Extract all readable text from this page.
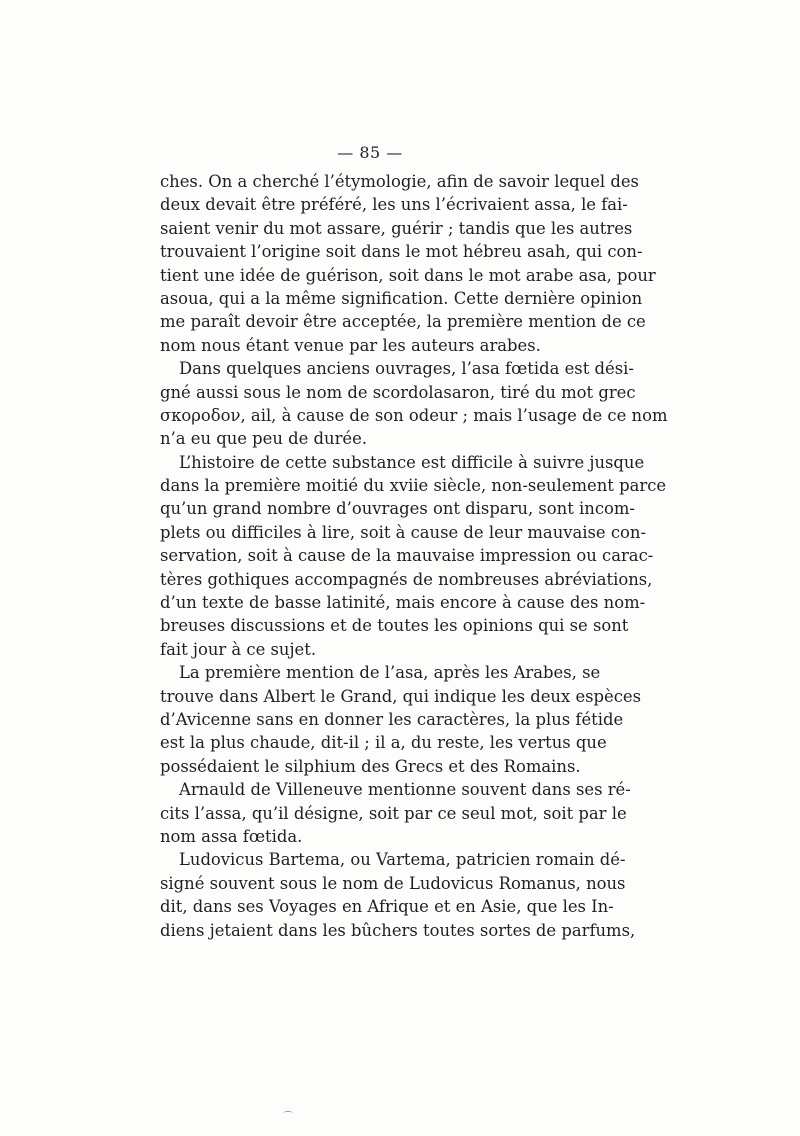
— 85 —
ches. On a cherché l’étymologie, afin de savoir lequel des
deux devait être préféré, les uns l’écrivaient assa, le fai-
saient venir du mot assare, guérir ; tandis que les autres
trouvaient l’origine soit dans le mot hébreu asah, qui con-
tient une idée de guérison, soit dans le mot arabe asa, pour
asoua, qui a la même signification. Cette dernière opinion
me paraît devoir être acceptée, la première mention de ce
nom nous étant venue par les auteurs arabes.
Dans quelques anciens ouvrages, l’asa fœtida est dési-
gné aussi sous le nom de scordolasaron, tiré du mot grec
σκοροδον, ail, à cause de son odeur ; mais l’usage de ce nom
n’a eu que peu de durée.
L’histoire de cette substance est difficile à suivre jusque
dans la première moitié du xviie siècle, non-seulement parce
qu’un grand nombre d’ouvrages ont disparu, sont incom-
plets ou difficiles à lire, soit à cause de leur mauvaise con-
servation, soit à cause de la mauvaise impression ou carac-
tères gothiques accompagnés de nombreuses abréviations,
d’un texte de basse latinité, mais encore à cause des nom-
breuses discussions et de toutes les opinions qui se sont
fait jour à ce sujet.
La première mention de l’asa, après les Arabes, se
trouve dans Albert le Grand, qui indique les deux espèces
d’Avicenne sans en donner les caractères, la plus fétide
est la plus chaude, dit-il ; il a, du reste, les vertus que
possédaient le silphium des Grecs et des Romains.
Arnauld de Villeneuve mentionne souvent dans ses ré-
cits l’assa, qu’il désigne, soit par ce seul mot, soit par le
nom assa fœtida.
Ludovicus Bartema, ou Vartema, patricien romain dé-
signé souvent sous le nom de Ludovicus Romanus, nous
dit, dans ses Voyages en Afrique et en Asie, que les In-
diens jetaient dans les bûchers toutes sortes de parfums,
⌒
